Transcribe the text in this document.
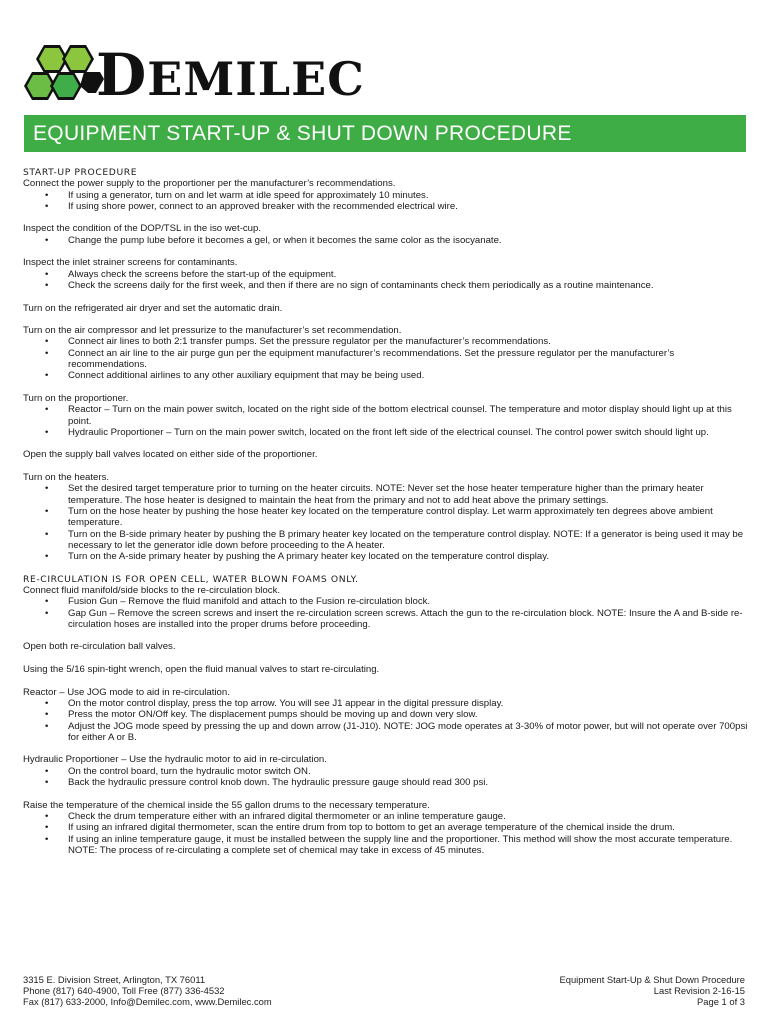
DEMILEC
EQUIPMENT START-UP & SHUT DOWN PROCEDURE
START-UP PROCEDURE
Connect the power supply to the proportioner per the manufacturer’s recommendations.
• If using a generator, turn on and let warm at idle speed for approximately 10 minutes.
• If using shore power, connect to an approved breaker with the recommended electrical wire.
Inspect the condition of the DOP/TSL in the iso wet-cup.
• Change the pump lube before it becomes a gel, or when it becomes the same color as the isocyanate.
Inspect the inlet strainer screens for contaminants.
• Always check the screens before the start-up of the equipment.
• Check the screens daily for the first week, and then if there are no sign of contaminants check them periodically as a routine maintenance.
Turn on the refrigerated air dryer and set the automatic drain.
Turn on the air compressor and let pressurize to the manufacturer’s set recommendation.
• Connect air lines to both 2:1 transfer pumps. Set the pressure regulator per the manufacturer’s recommendations.
• Connect an air line to the air purge gun per the equipment manufacturer’s recommendations. Set the pressure regulator per the manufacturer’s recommendations.
• Connect additional airlines to any other auxiliary equipment that may be being used.
Turn on the proportioner.
• Reactor – Turn on the main power switch, located on the right side of the bottom electrical counsel. The temperature and motor display should light up at this point.
• Hydraulic Proportioner – Turn on the main power switch, located on the front left side of the electrical counsel. The control power switch should light up.
Open the supply ball valves located on either side of the proportioner.
Turn on the heaters.
• Set the desired target temperature prior to turning on the heater circuits. NOTE: Never set the hose heater temperature higher than the primary heater temperature. The hose heater is designed to maintain the heat from the primary and not to add heat above the primary settings.
• Turn on the hose heater by pushing the hose heater key located on the temperature control display. Let warm approximately ten degrees above ambient temperature.
• Turn on the B-side primary heater by pushing the B primary heater key located on the temperature control display. NOTE: If a generator is being used it may be necessary to let the generator idle down before proceeding to the A heater.
• Turn on the A-side primary heater by pushing the A primary heater key located on the temperature control display.
RE-CIRCULATION IS FOR OPEN CELL, WATER BLOWN FOAMS ONLY.
Connect fluid manifold/side blocks to the re-circulation block.
• Fusion Gun – Remove the fluid manifold and attach to the Fusion re-circulation block.
• Gap Gun – Remove the screen screws and insert the re-circulation screen screws. Attach the gun to the re-circulation block. NOTE: Insure the A and B-side re-circulation hoses are installed into the proper drums before proceeding.
Open both re-circulation ball valves.
Using the 5/16 spin-tight wrench, open the fluid manual valves to start re-circulating.
Reactor – Use JOG mode to aid in re-circulation.
• On the motor control display, press the top arrow. You will see J1 appear in the digital pressure display.
• Press the motor ON/Off key. The displacement pumps should be moving up and down very slow.
• Adjust the JOG mode speed by pressing the up and down arrow (J1-J10). NOTE: JOG mode operates at 3-30% of motor power, but will not operate over 700psi for either A or B.
Hydraulic Proportioner – Use the hydraulic motor to aid in re-circulation.
• On the control board, turn the hydraulic motor switch ON.
• Back the hydraulic pressure control knob down. The hydraulic pressure gauge should read 300 psi.
Raise the temperature of the chemical inside the 55 gallon drums to the necessary temperature.
• Check the drum temperature either with an infrared digital thermometer or an inline temperature gauge.
• If using an infrared digital thermometer, scan the entire drum from top to bottom to get an average temperature of the chemical inside the drum.
• If using an inline temperature gauge, it must be installed between the supply line and the proportioner. This method will show the most accurate temperature. NOTE: The process of re-circulating a complete set of chemical may take in excess of 45 minutes.
3315 E. Division Street, Arlington, TX 76011
Phone (817) 640-4900, Toll Free (877) 336-4532
Fax (817) 633-2000, Info@Demilec.com, www.Demilec.com
Equipment Start-Up & Shut Down Procedure
Last Revision 2-16-15
Page 1 of 3
